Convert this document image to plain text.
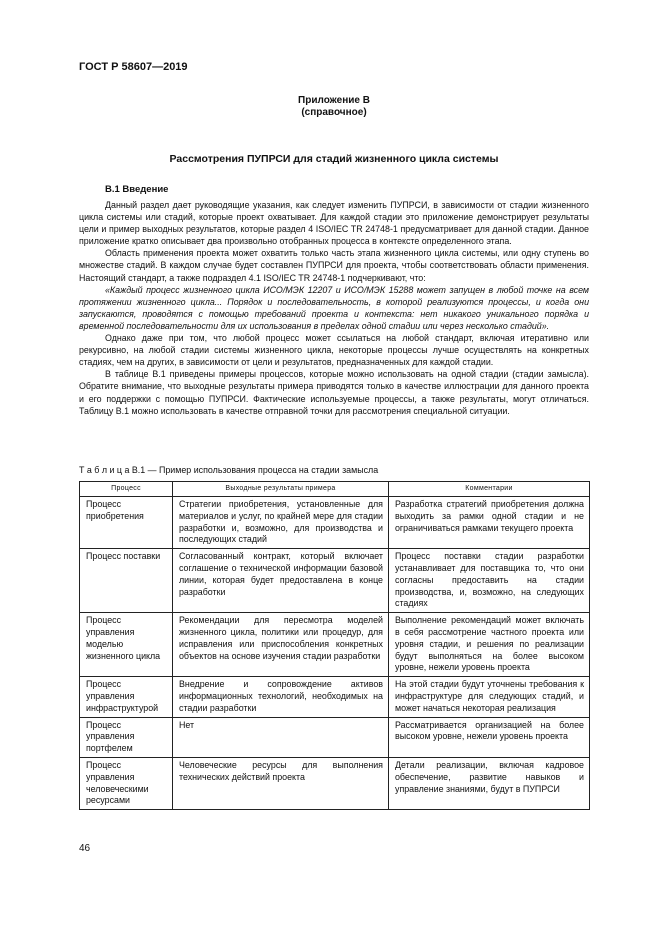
ГОСТ Р 58607—2019
Приложение В
(справочное)
Рассмотрения ПУПРСИ для стадий жизненного цикла системы
В.1 Введение

Данный раздел дает руководящие указания, как следует изменить ПУПРСИ, в зависимости от стадии жизненного цикла системы или стадий, которые проект охватывает. Для каждой стадии это приложение демонстрирует результаты цели и пример выходных результатов, которые раздел 4 ISO/IEC TR 24748-1 предусматривает для данной стадии. Данное приложение кратко описывает два произвольно отобранных процесса в контексте определенного этапа.

Область применения проекта может охватить только часть этапа жизненного цикла системы, или одну ступень во множестве стадий. В каждом случае будет составлен ПУПРСИ для проекта, чтобы соответствовать области применения. Настоящий стандарт, а также подраздел 4.1 ISO/IEC TR 24748-1 подчеркивают, что:

«Каждый процесс жизненного цикла ИСО/МЭК 12207 и ИСО/МЭК 15288 может запущен в любой точке на всем протяжении жизненного цикла... Порядок и последовательность, в которой реализуются процессы, и когда они запускаются, проводятся с помощью требований проекта и контекста: нет никакого уникального порядка и временной последовательности для их использования в пределах одной стадии или через несколько стадий».

Однако даже при том, что любой процесс может ссылаться на любой стандарт, включая итеративно или рекурсивно, на любой стадии системы жизненного цикла, некоторые процессы лучше осуществлять на конкретных стадиях, чем на других, в зависимости от цели и результатов, предназначенных для каждой стадии.

В таблице В.1 приведены примеры процессов, которые можно использовать на одной стадии (стадии замысла). Обратите внимание, что выходные результаты примера приводятся только в качестве иллюстрации для данного проекта и его поддержки с помощью ПУПРСИ. Фактические используемые процессы, а также результаты, могут отличаться. Таблицу В.1 можно использовать в качестве отправной точки для рассмотрения специальной ситуации.

Т а б л и ц а В.1 — Пример использования процесса на стадии замысла
Процесс	Выходные результаты примера	Комментарии
Процесс приобретения	Стратегии приобретения, установленные для материалов и услуг, по крайней мере для стадии разработки и, возможно, для производства и последующих стадий	Разработка стратегий приобретения должна выходить за рамки одной стадии и не ограничиваться рамками текущего проекта
Процесс поставки	Согласованный контракт, который включает соглашение о технической информации базовой линии, которая будет предоставлена в конце разработки	Процесс поставки стадии разработки устанавливает для поставщика то, что они согласны предоставить на стадии производства, и, возможно, на следующих стадиях
Процесс управления моделью жизненного цикла	Рекомендации для пересмотра моделей жизненного цикла, политики или процедур, для исправления или приспособления конкретных объектов на основе изучения стадии разработки	Выполнение рекомендаций может включать в себя рассмотрение частного проекта или уровня стадии, и решения по реализации будут выполняться на более высоком уровне, нежели уровень проекта
Процесс управления инфраструктурой	Внедрение и сопровождение активов информационных технологий, необходимых на стадии разработки	На этой стадии будут уточнены требования к инфраструктуре для следующих стадий, и может начаться некоторая реализация
Процесс управления портфелем	Нет	Рассматривается организацией на более высоком уровне, нежели уровень проекта
Процесс управления человеческими ресурсами	Человеческие ресурсы для выполнения технических действий проекта	Детали реализации, включая кадровое обеспечение, развитие навыков и управление знаниями, будут в ПУПРСИ
46
